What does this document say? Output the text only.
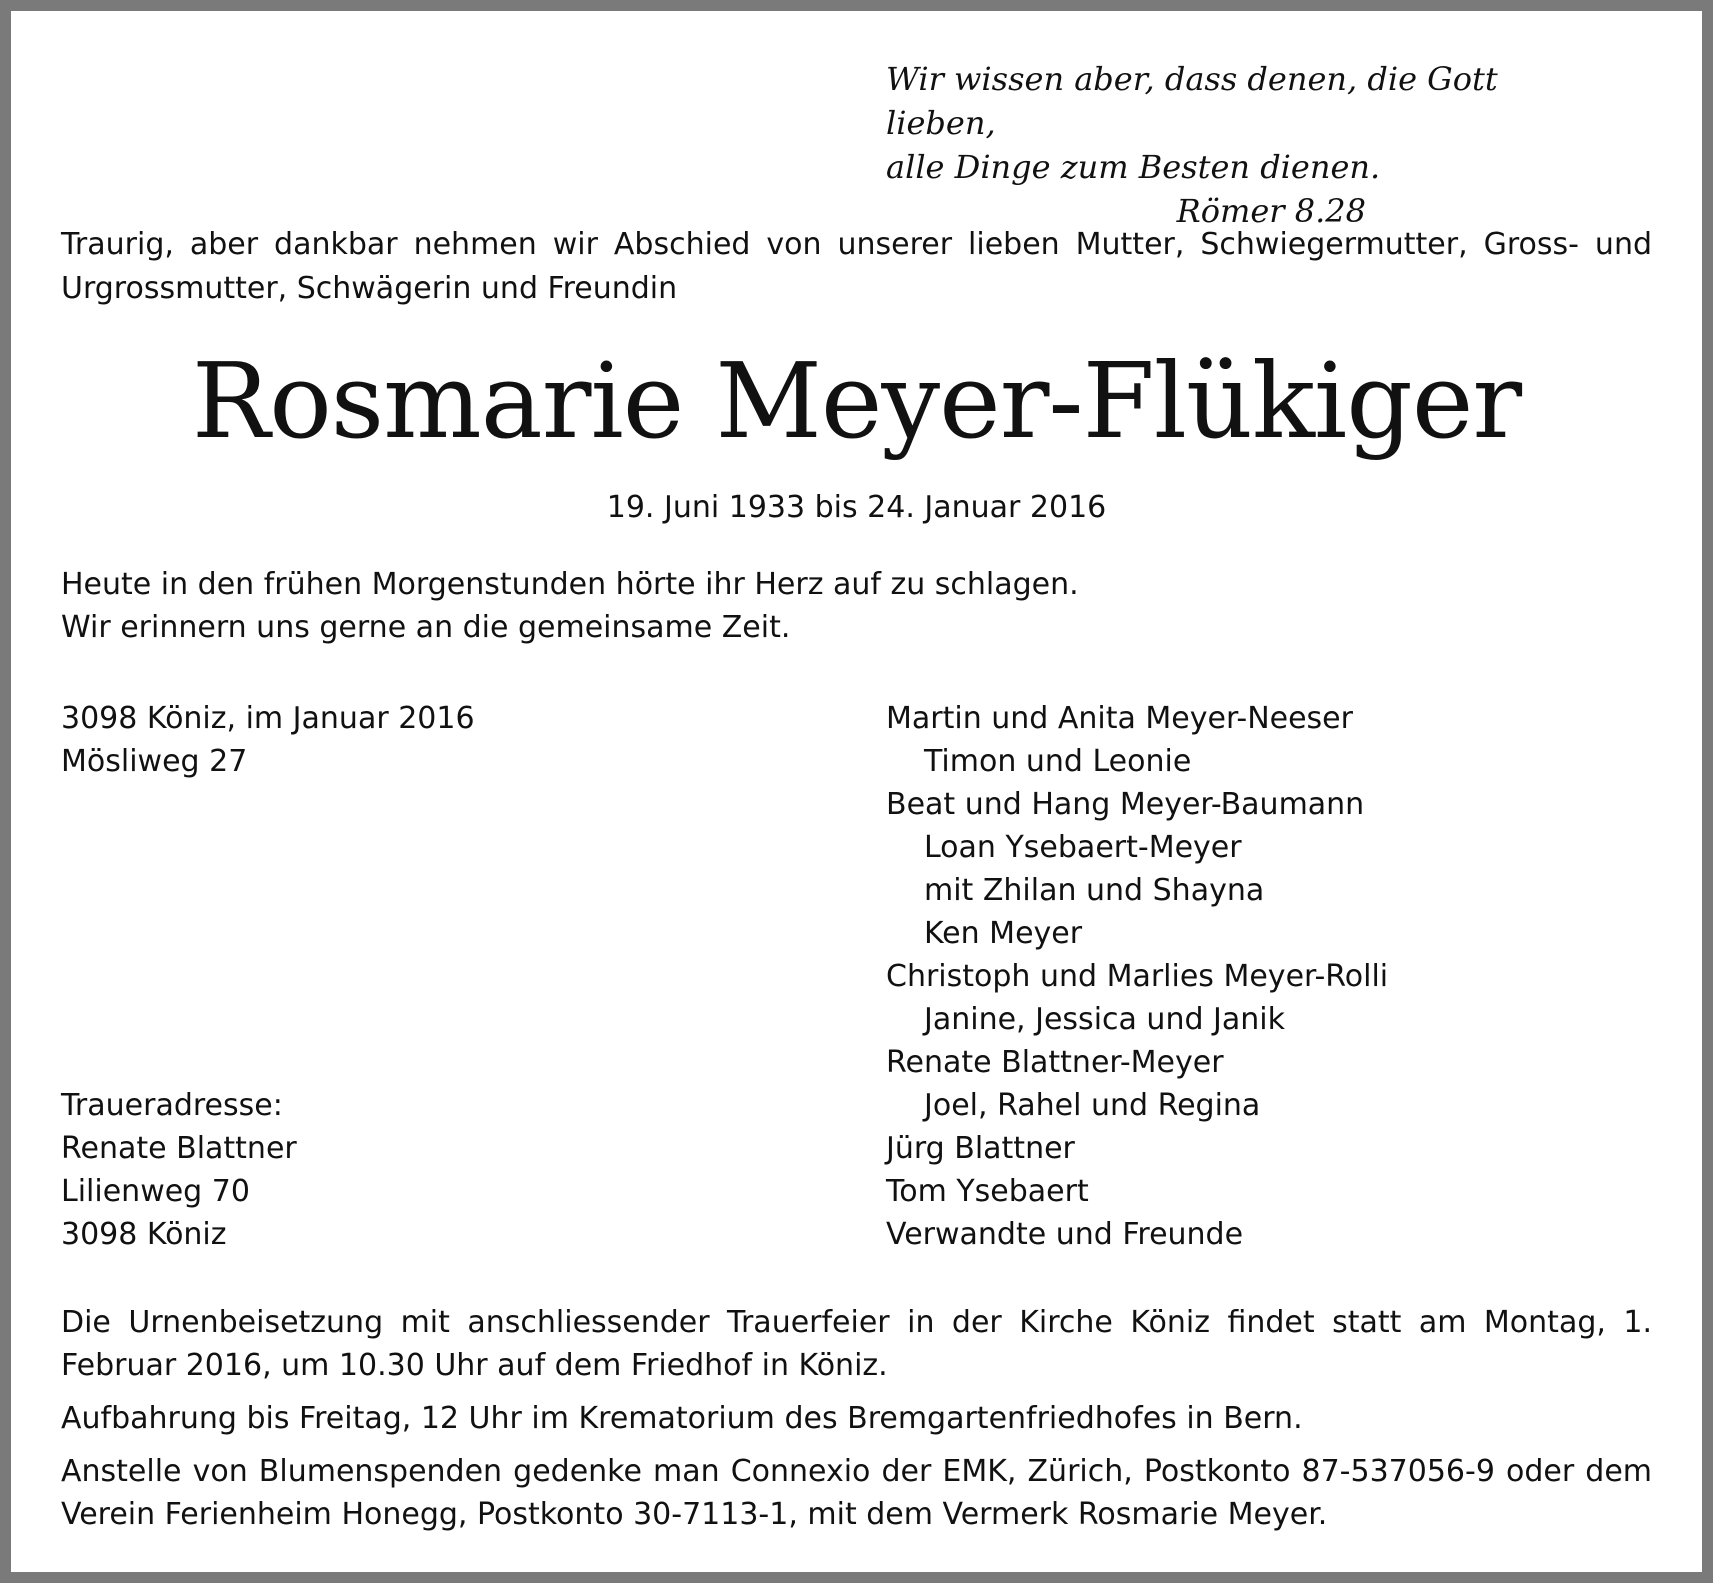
Wir wissen aber, dass denen, die Gott lieben,
alle Dinge zum Besten dienen.
Römer 8.28
Traurig, aber dankbar nehmen wir Abschied von unserer lieben Mutter, Schwiegermutter, Gross- und Urgrossmutter, Schwägerin und Freundin
Rosmarie Meyer-Flükiger
19. Juni 1933 bis 24. Januar 2016
Heute in den frühen Morgenstunden hörte ihr Herz auf zu schlagen.
Wir erinnern uns gerne an die gemeinsame Zeit.
3098 Köniz, im Januar 2016
Mösliweg 27
Martin und Anita Meyer-Neeser
Timon und Leonie
Beat und Hang Meyer-Baumann
Loan Ysebaert-Meyer
mit Zhilan und Shayna
Ken Meyer
Christoph und Marlies Meyer-Rolli
Janine, Jessica und Janik
Renate Blattner-Meyer
Joel, Rahel und Regina
Jürg Blattner
Tom Ysebaert
Verwandte und Freunde
Traueradresse:
Renate Blattner
Lilienweg 70
3098 Köniz

Die Urnenbeisetzung mit anschliessender Trauerfeier in der Kirche Köniz findet statt am Montag, 1. Februar 2016, um 10.30 Uhr auf dem Friedhof in Köniz.

Aufbahrung bis Freitag, 12 Uhr im Krematorium des Bremgartenfriedhofes in Bern.

Anstelle von Blumenspenden gedenke man Connexio der EMK, Zürich, Postkonto 87-537056-9 oder dem Verein Ferienheim Honegg, Postkonto 30-7113-1, mit dem Vermerk Rosmarie Meyer.
